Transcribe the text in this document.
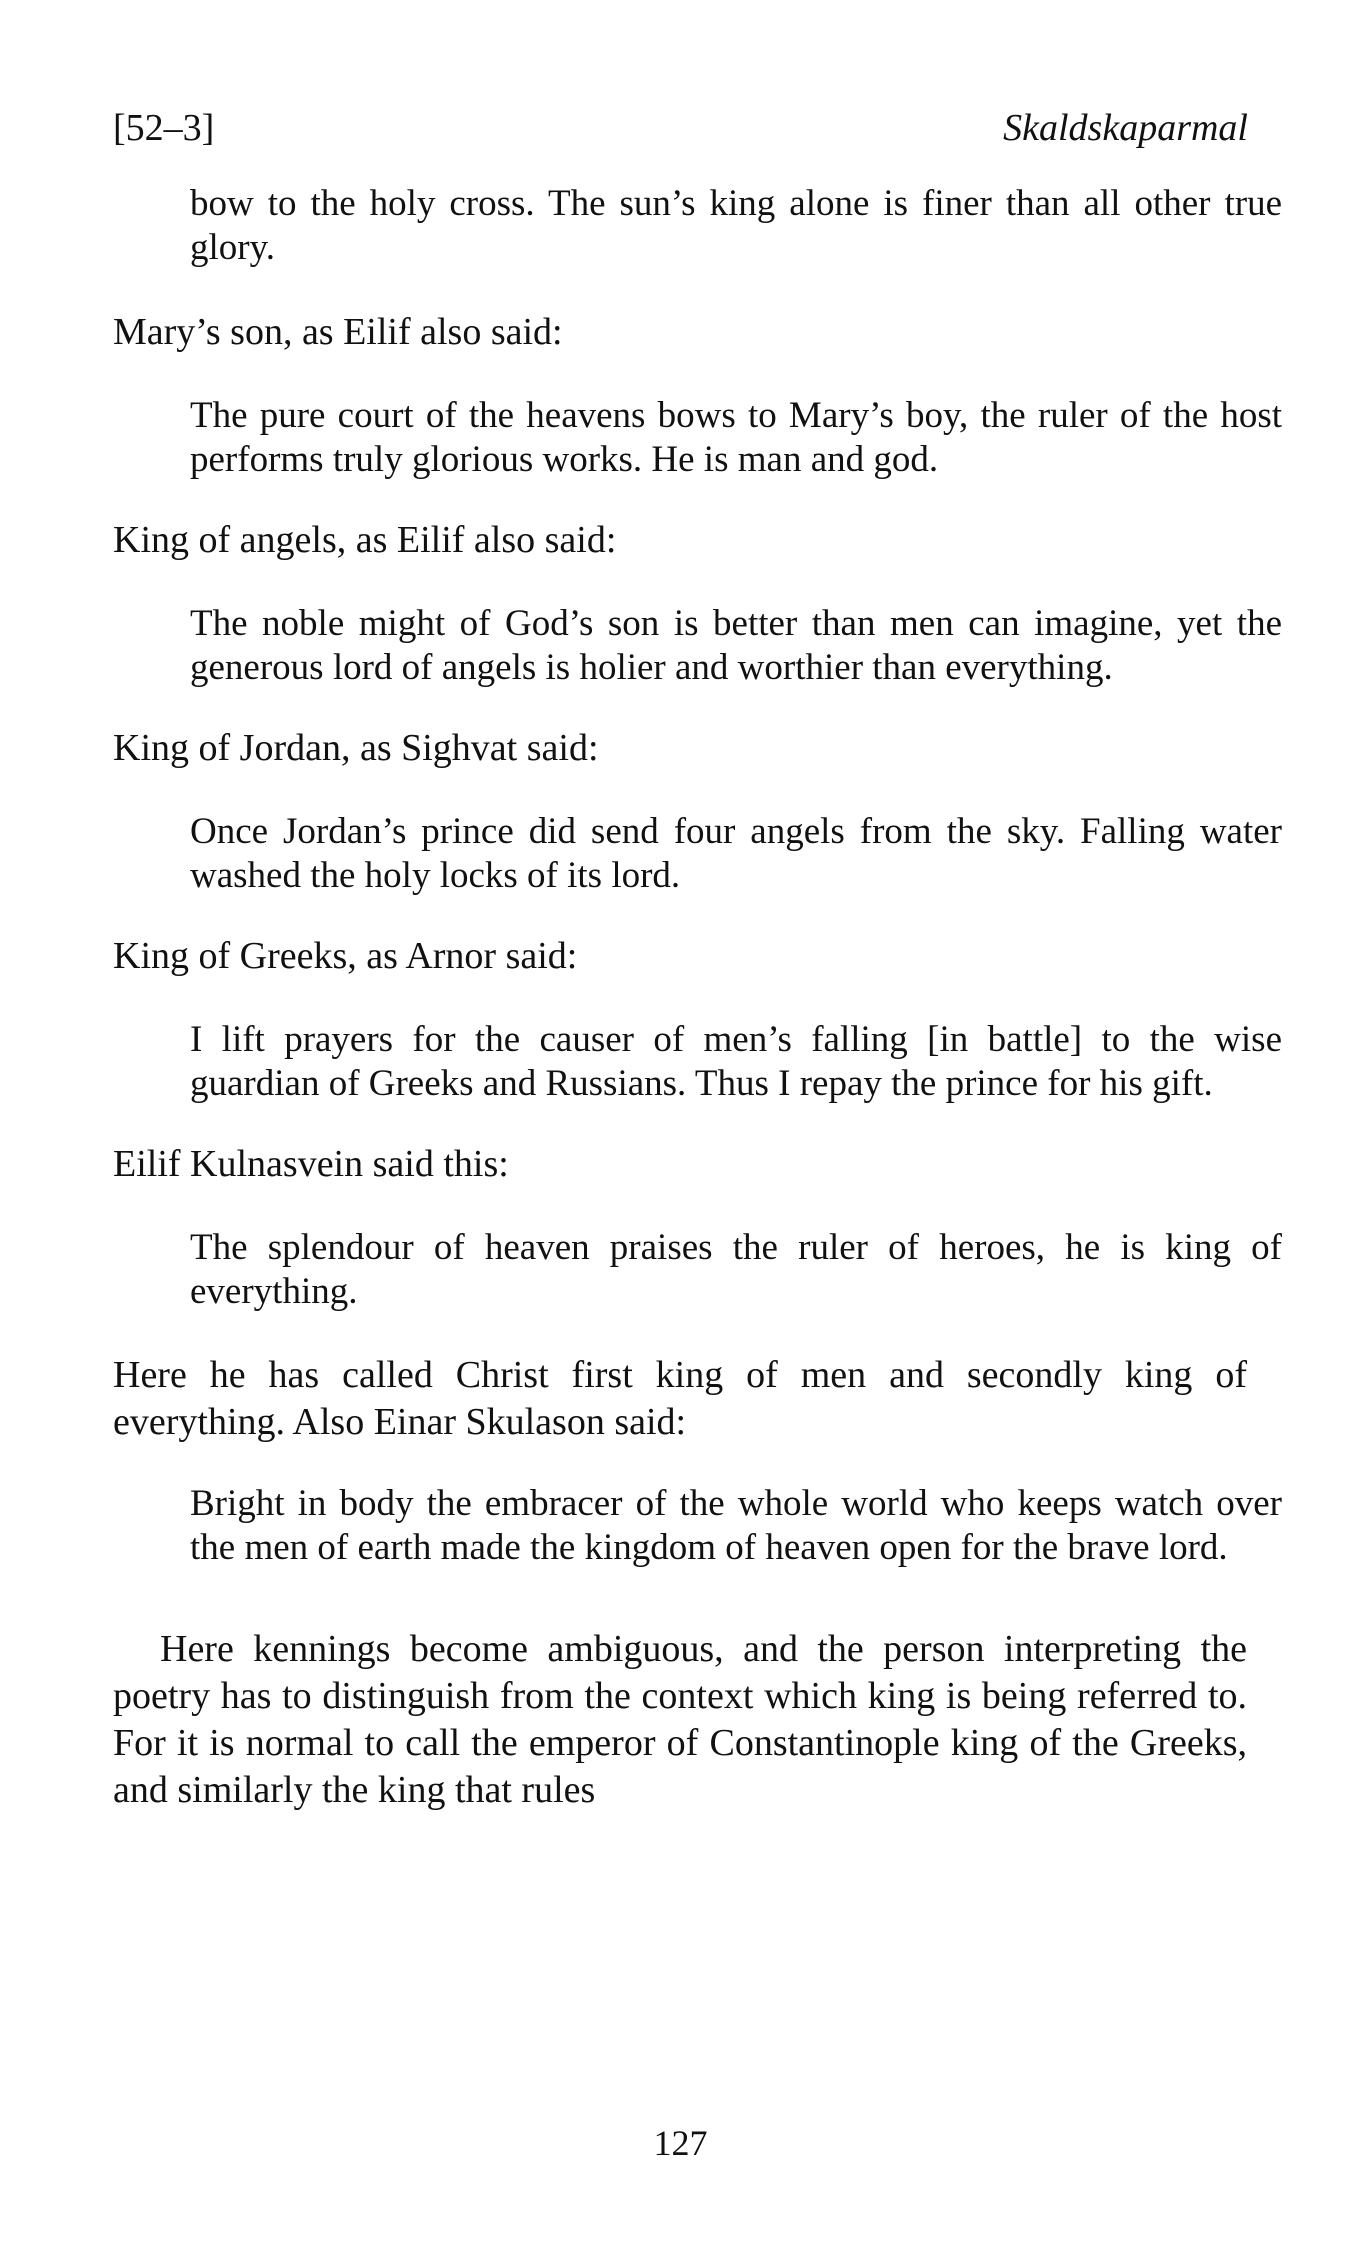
[52–3]	Skaldskaparmal

bow to the holy cross. The sun’s king alone is finer than all other true glory.

Mary’s son, as Eilif also said:

The pure court of the heavens bows to Mary’s boy, the ruler of the host performs truly glorious works. He is man and god.

King of angels, as Eilif also said:

The noble might of God’s son is better than men can imagine, yet the generous lord of angels is holier and worthier than everything.

King of Jordan, as Sighvat said:

Once Jordan’s prince did send four angels from the sky. Falling water washed the holy locks of its lord.

King of Greeks, as Arnor said:

I lift prayers for the causer of men’s falling [in battle] to the wise guardian of Greeks and Russians. Thus I repay the prince for his gift.

Eilif Kulnasvein said this:

The splendour of heaven praises the ruler of heroes, he is king of everything.

Here he has called Christ first king of men and secondly king of everything. Also Einar Skulason said:

Bright in body the embracer of the whole world who keeps watch over the men of earth made the kingdom of heaven open for the brave lord.

Here kennings become ambiguous, and the person interpreting the poetry has to distinguish from the context which king is being referred to. For it is normal to call the emperor of Constantinople king of the Greeks, and similarly the king that rules

127
